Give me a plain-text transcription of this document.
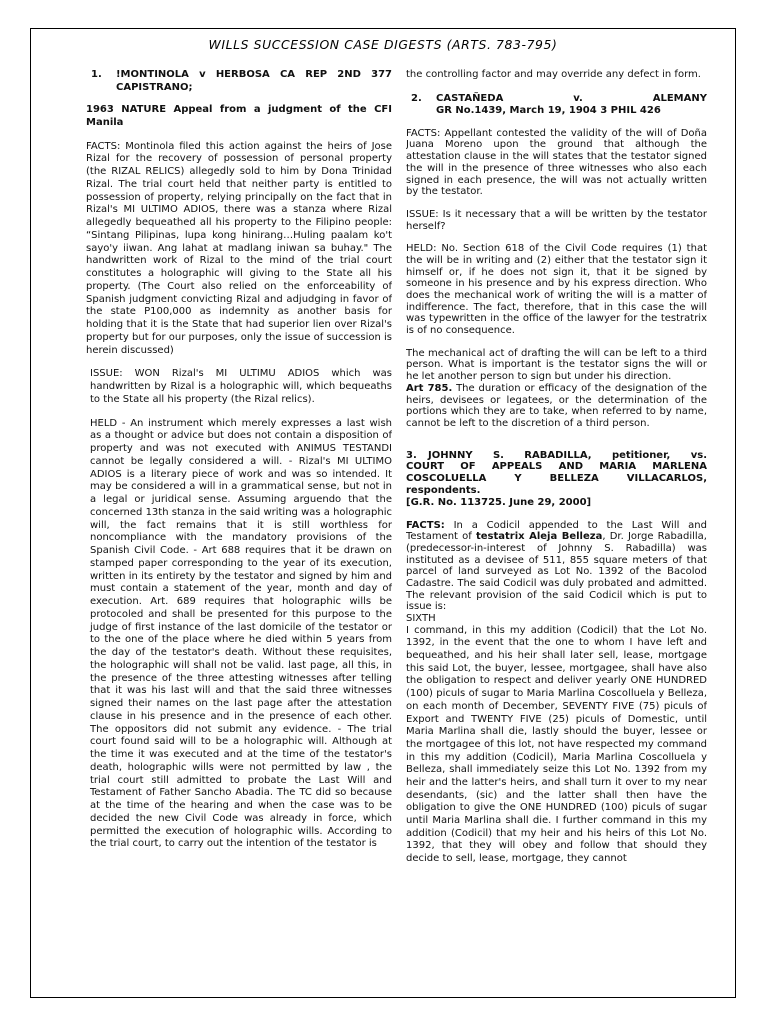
WILLS SUCCESSION CASE DIGESTS (ARTS. 783-795)
1.	!MONTINOLA v HERBOSA CA REP 2ND 377 CAPISTRANO;

1963 NATURE Appeal from a judgment of the CFI Manila

FACTS: Montinola filed this action against the heirs of Jose Rizal for the recovery of possession of personal property (the RIZAL RELICS) allegedly sold to him by Dona Trinidad Rizal. The trial court held that neither party is entitled to possession of property, relying principally on the fact that in Rizal's MI ULTIMO ADIOS, there was a stanza where Rizal allegedly bequeathed all his property to the Filipino people: “Sintang Pilipinas, lupa kong hinirang…Huling paalam ko't sayo'y iiwan. Ang lahat at madlang iniwan sa buhay." The handwritten work of Rizal to the mind of the trial court constitutes a holographic will giving to the State all his property. (The Court also relied on the enforceability of Spanish judgment convicting Rizal and adjudging in favor of the state P100,000 as indemnity as another basis for holding that it is the State that had superior lien over Rizal's property but for our purposes, only the issue of succession is herein discussed)

ISSUE: WON Rizal's MI ULTIMU ADIOS which was handwritten by Rizal is a holographic will, which bequeaths to the State all his property (the Rizal relics).

HELD - An instrument which merely expresses a last wish as a thought or advice but does not contain a disposition of property and was not executed with ANIMUS TESTANDI cannot be legally considered a will. - Rizal's MI ULTIMO ADIOS is a literary piece of work and was so intended. It may be considered a will in a grammatical sense, but not in a legal or juridical sense. Assuming arguendo that the concerned 13th stanza in the said writing was a holographic will, the fact remains that it is still worthless for noncompliance with the mandatory provisions of the Spanish Civil Code. - Art 688 requires that it be drawn on stamped paper corresponding to the year of its execution, written in its entirety by the testator and signed by him and must contain a statement of the year, month and day of execution. Art. 689 requires that holographic wills be protocoled and shall be presented for this purpose to the judge of first instance of the last domicile of the testator or to the one of the place where he died within 5 years from the day of the testator's death. Without these requisites, the holographic will shall not be valid. last page, all this, in the presence of the three attesting witnesses after telling that it was his last will and that the said three witnesses signed their names on the last page after the attestation clause in his presence and in the presence of each other. The oppositors did not submit any evidence. - The trial court found said will to be a holographic will. Although at the time it was executed and at the time of the testator's death, holographic wills were not permitted by law , the trial court still admitted to probate the Last Will and Testament of Father Sancho Abadia. The TC did so because at the time of the hearing and when the case was to be decided the new Civil Code was already in force, which permitted the execution of holographic wills. According to the trial court, to carry out the intention of the testator is

the controlling factor and may override any defect in form.

2.	CASTAÑEDA	v.	ALEMANY
GR No.1439, March 19, 1904 3 PHIL 426

FACTS: Appellant contested the validity of the will of Doña Juana Moreno upon the ground that although the attestation clause in the will states that the testator signed the will in the presence of three witnesses who also each signed in each presence, the will was not actually written by the testator.

ISSUE: Is it necessary that a will be written by the testator herself?

HELD: No. Section 618 of the Civil Code requires (1) that the will be in writing and (2) either that the testator sign it himself or, if he does not sign it, that it be signed by someone in his presence and by his express direction. Who does the mechanical work of writing the will is a matter of indifference. The fact, therefore, that in this case the will was typewritten in the office of the lawyer for the testratrix is of no consequence.

The mechanical act of drafting the will can be left to a third person. What is important is the testator signs the will or he let another person to sign but under his direction.

Art 785. The duration or efficacy of the designation of the heirs, devisees or legatees, or the determination of the portions which they are to take, when referred to by name, cannot be left to the discretion of a third person.

3.	JOHNNY S. RABADILLA, petitioner, vs.
COURT OF APPEALS AND MARIA MARLENA COSCOLUELLA Y BELLEZA VILLACARLOS, respondents.
[G.R. No. 113725. June 29, 2000]

FACTS: In a Codicil appended to the Last Will and Testament of testatrix Aleja Belleza, Dr. Jorge Rabadilla, (predecessor-in-interest of Johnny S. Rabadilla) was instituted as a devisee of 511, 855 square meters of that parcel of land surveyed as Lot No. 1392 of the Bacolod Cadastre. The said Codicil was duly probated and admitted. The relevant provision of the said Codicil which is put to issue is:

SIXTH

I command, in this my addition (Codicil) that the Lot No. 1392, in the event that the one to whom I have left and bequeathed, and his heir shall later sell, lease, mortgage this said Lot, the buyer, lessee, mortgagee, shall have also the obligation to respect and deliver yearly ONE HUNDRED (100) piculs of sugar to Maria Marlina Coscolluela y Belleza, on each month of December, SEVENTY FIVE (75) piculs of Export and TWENTY FIVE (25) piculs of Domestic, until Maria Marlina shall die, lastly should the buyer, lessee or the mortgagee of this lot, not have respected my command in this my addition (Codicil), Maria Marlina Coscolluela y Belleza, shall immediately seize this Lot No. 1392 from my heir and the latter's heirs, and shall turn it over to my near desendants, (sic) and the latter shall then have the obligation to give the ONE HUNDRED (100) piculs of sugar until Maria Marlina shall die. I further command in this my addition (Codicil) that my heir and his heirs of this Lot No. 1392, that they will obey and follow that should they decide to sell, lease, mortgage, they cannot
